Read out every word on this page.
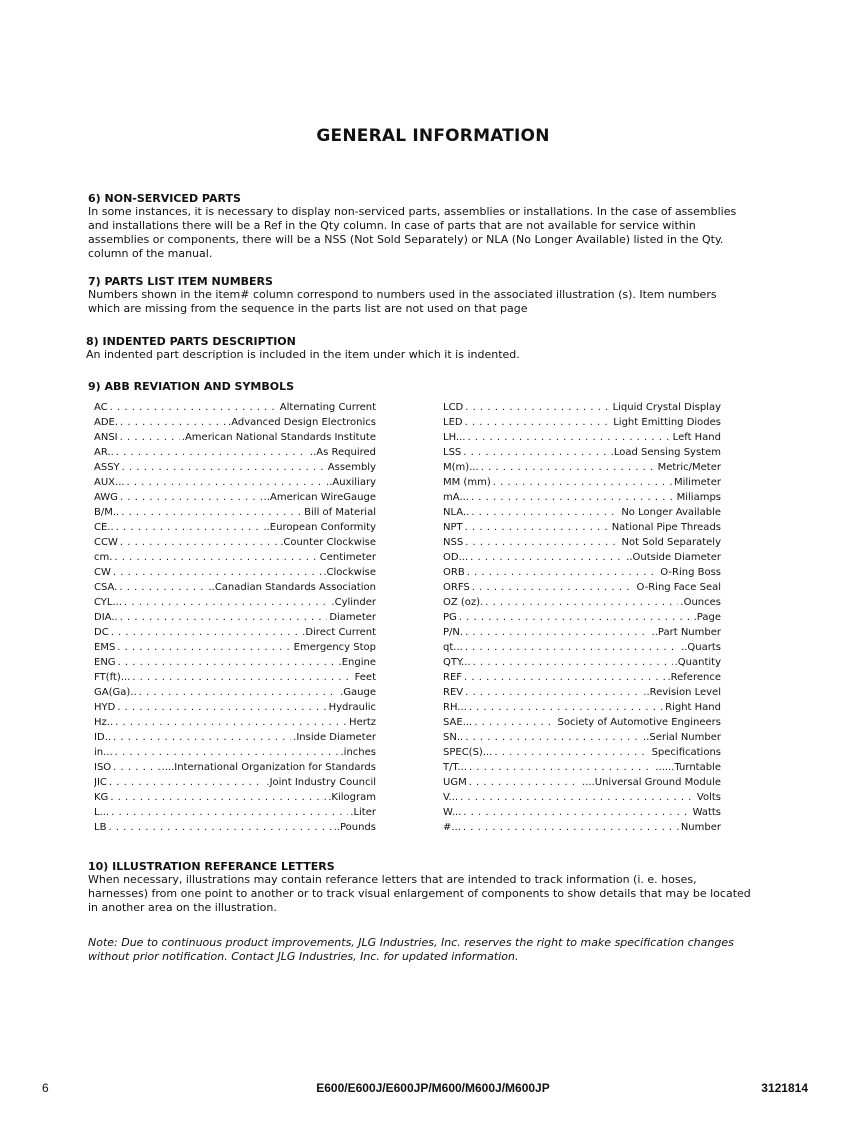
GENERAL INFORMATION
6) NON-SERVICED PARTS

In some instances, it is necessary to display non-serviced parts, assemblies or installations. In the case of assemblies and installations there will be a Ref in the Qty column. In case of parts that are not available for service within assemblies or components, there will be a NSS (Not Sold Separately) or NLA (No Longer Available) listed in the Qty. column of the manual.

7) PARTS LIST ITEM NUMBERS

Numbers shown in the item# column correspond to numbers used in the associated illustration (s). Item numbers which are missing from the sequence in the parts list are not used on that page

8) INDENTED PARTS DESCRIPTION

An indented part description is included in the item under which it is indented.

9) ABB REVIATION AND SYMBOLS
AC . . .	Alternating Current
ADE. . . .	.Advanced Design Electronics
ANSI . . .	.American National Standards Institute
AR.. . . .	..As Required
ASSY . . .	Assembly
AUX... . . .	..Auxiliary
AWG . . .	..American WireGauge
B/M.. . . .	Bill of Material
CE.. . . .	..European Conformity
CCW . . .	.Counter Clockwise
cm. . . .	Centimeter
CW . . .	.Clockwise
CSA. . . .	..Canadian Standards Association
CYL... . . .	.Cylinder
DIA.. . . .	Diameter
DC . . .	.Direct Current
EMS . . .	Emergency Stop
ENG . . .	.Engine
FT(ft)... . . .	Feet
GA(Ga).. . . .	.Gauge
HYD . . .	Hydraulic
Hz.. . . .	Hertz
ID.. . . .	.Inside Diameter
in... . . .	.inches
ISO . . .	....International Organization for Standards
JIC . . .	.Joint Industry Council
KG . . .	.Kilogram
L... . . .	.Liter
LB . . .	..Pounds
LCD . . .	Liquid Crystal Display
LED . . .	Light Emitting Diodes
LH... . . .	Left Hand
LSS . . .	.Load Sensing System
M(m)... . . .	Metric/Meter
MM (mm) . . .	Milimeter
mA... . . .	Miliamps
NLA.. . . .	No Longer Available
NPT . . .	National Pipe Threads
NSS . . .	Not Sold Separately
OD... . . .	..Outside Diameter
ORB . . .	O-Ring Boss
ORFS . . .	O-Ring Face Seal
OZ (oz). . . .	.Ounces
PG . . .	.Page
P/N. . . .	..Part Number
qt... . . .	..Quarts
QTY... . . .	.Quantity
REF . . .	.Reference
REV . . .	..Revision Level
RH... . . .	Right Hand
SAE... . . .	Society of Automotive Engineers
SN.. . . .	..Serial Number
SPEC(S)... . . .	Specifications
T/T... . . .	......Turntable
UGM . . .	....Universal Ground Module
V... . . .	Volts
W... . . .	Watts
#... . . .	Number
10) ILLUSTRATION REFERANCE LETTERS

When necessary, illustrations may contain referance letters that are intended to track information (i. e. hoses, harnesses) from one point to another or to track visual enlargement of components to show details that may be located in another area on the illustration.

Note: Due to continuous product improvements, JLG Industries, Inc. reserves the right to make specification changes without prior notification. Contact JLG Industries, Inc. for updated information.

6	E600/E600J/E600JP/M600/M600J/M600JP	3121814
